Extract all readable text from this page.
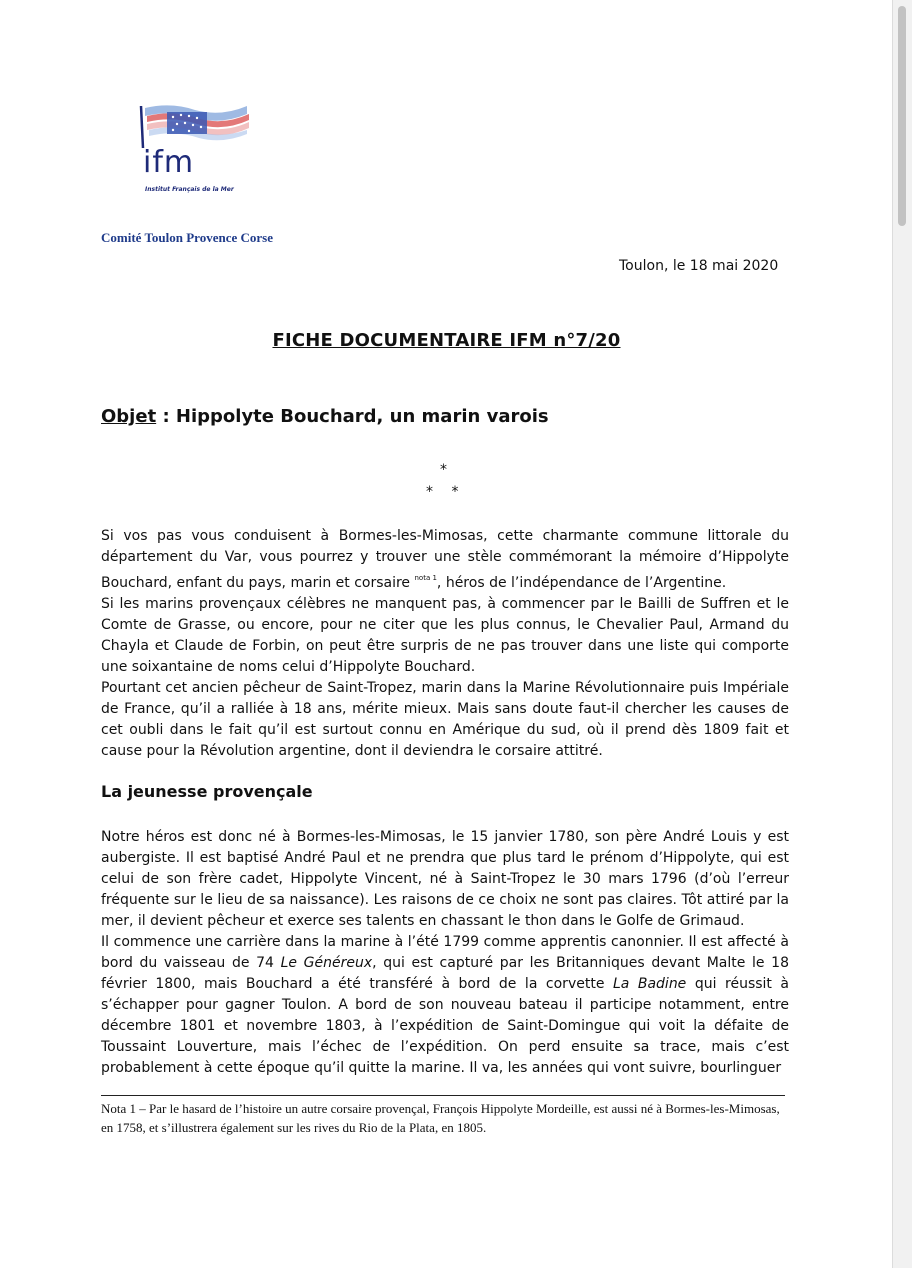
ifm
Institut Français de la Mer
Comité Toulon Provence Corse
Toulon, le 18 mai 2020
FICHE DOCUMENTAIRE IFM n°7/20
Objet : Hippolyte Bouchard, un marin varois
*
* *

Si vos pas vous conduisent à Bormes-les-Mimosas, cette charmante commune littorale du département du Var, vous pourrez y trouver une stèle commémorant la mémoire d’Hippolyte Bouchard, enfant du pays, marin et corsaire $^{nota 1}$, héros de l’indépendance de l’Argentine.

Si les marins provençaux célèbres ne manquent pas, à commencer par le Bailli de Suffren et le Comte de Grasse, ou encore, pour ne citer que les plus connus, le Chevalier Paul, Armand du Chayla et Claude de Forbin, on peut être surpris de ne pas trouver dans une liste qui comporte une soixantaine de noms celui d’Hippolyte Bouchard.

Pourtant cet ancien pêcheur de Saint-Tropez, marin dans la Marine Révolutionnaire puis Impériale de France, qu’il a ralliée à 18 ans, mérite mieux. Mais sans doute faut-il chercher les causes de cet oubli dans le fait qu’il est surtout connu en Amérique du sud, où il prend dès 1809 fait et cause pour la Révolution argentine, dont il deviendra le corsaire attitré.

La jeunesse provençale

Notre héros est donc né à Bormes-les-Mimosas, le 15 janvier 1780, son père André Louis y est aubergiste. Il est baptisé André Paul et ne prendra que plus tard le prénom d’Hippolyte, qui est celui de son frère cadet, Hippolyte Vincent, né à Saint-Tropez le 30 mars 1796 (d’où l’erreur fréquente sur le lieu de sa naissance). Les raisons de ce choix ne sont pas claires. Tôt attiré par la mer, il devient pêcheur et exerce ses talents en chassant le thon dans le Golfe de Grimaud.

Il commence une carrière dans la marine à l’été 1799 comme apprentis canonnier. Il est affecté à bord du vaisseau de 74 Le Généreux, qui est capturé par les Britanniques devant Malte le 18 février 1800, mais Bouchard a été transféré à bord de la corvette La Badine qui réussit à s’échapper pour gagner Toulon. A bord de son nouveau bateau il participe notamment, entre décembre 1801 et novembre 1803, à l’expédition de Saint-Domingue qui voit la défaite de Toussaint Louverture, mais l’échec de l’expédition. On perd ensuite sa trace, mais c’est probablement à cette époque qu’il quitte la marine. Il va, les années qui vont suivre, bourlinguer

Nota 1 – Par le hasard de l’histoire un autre corsaire provençal, François Hippolyte Mordeille, est aussi né à Bormes-les-Mimosas, en 1758, et s’illustrera également sur les rives du Rio de la Plata, en 1805.
